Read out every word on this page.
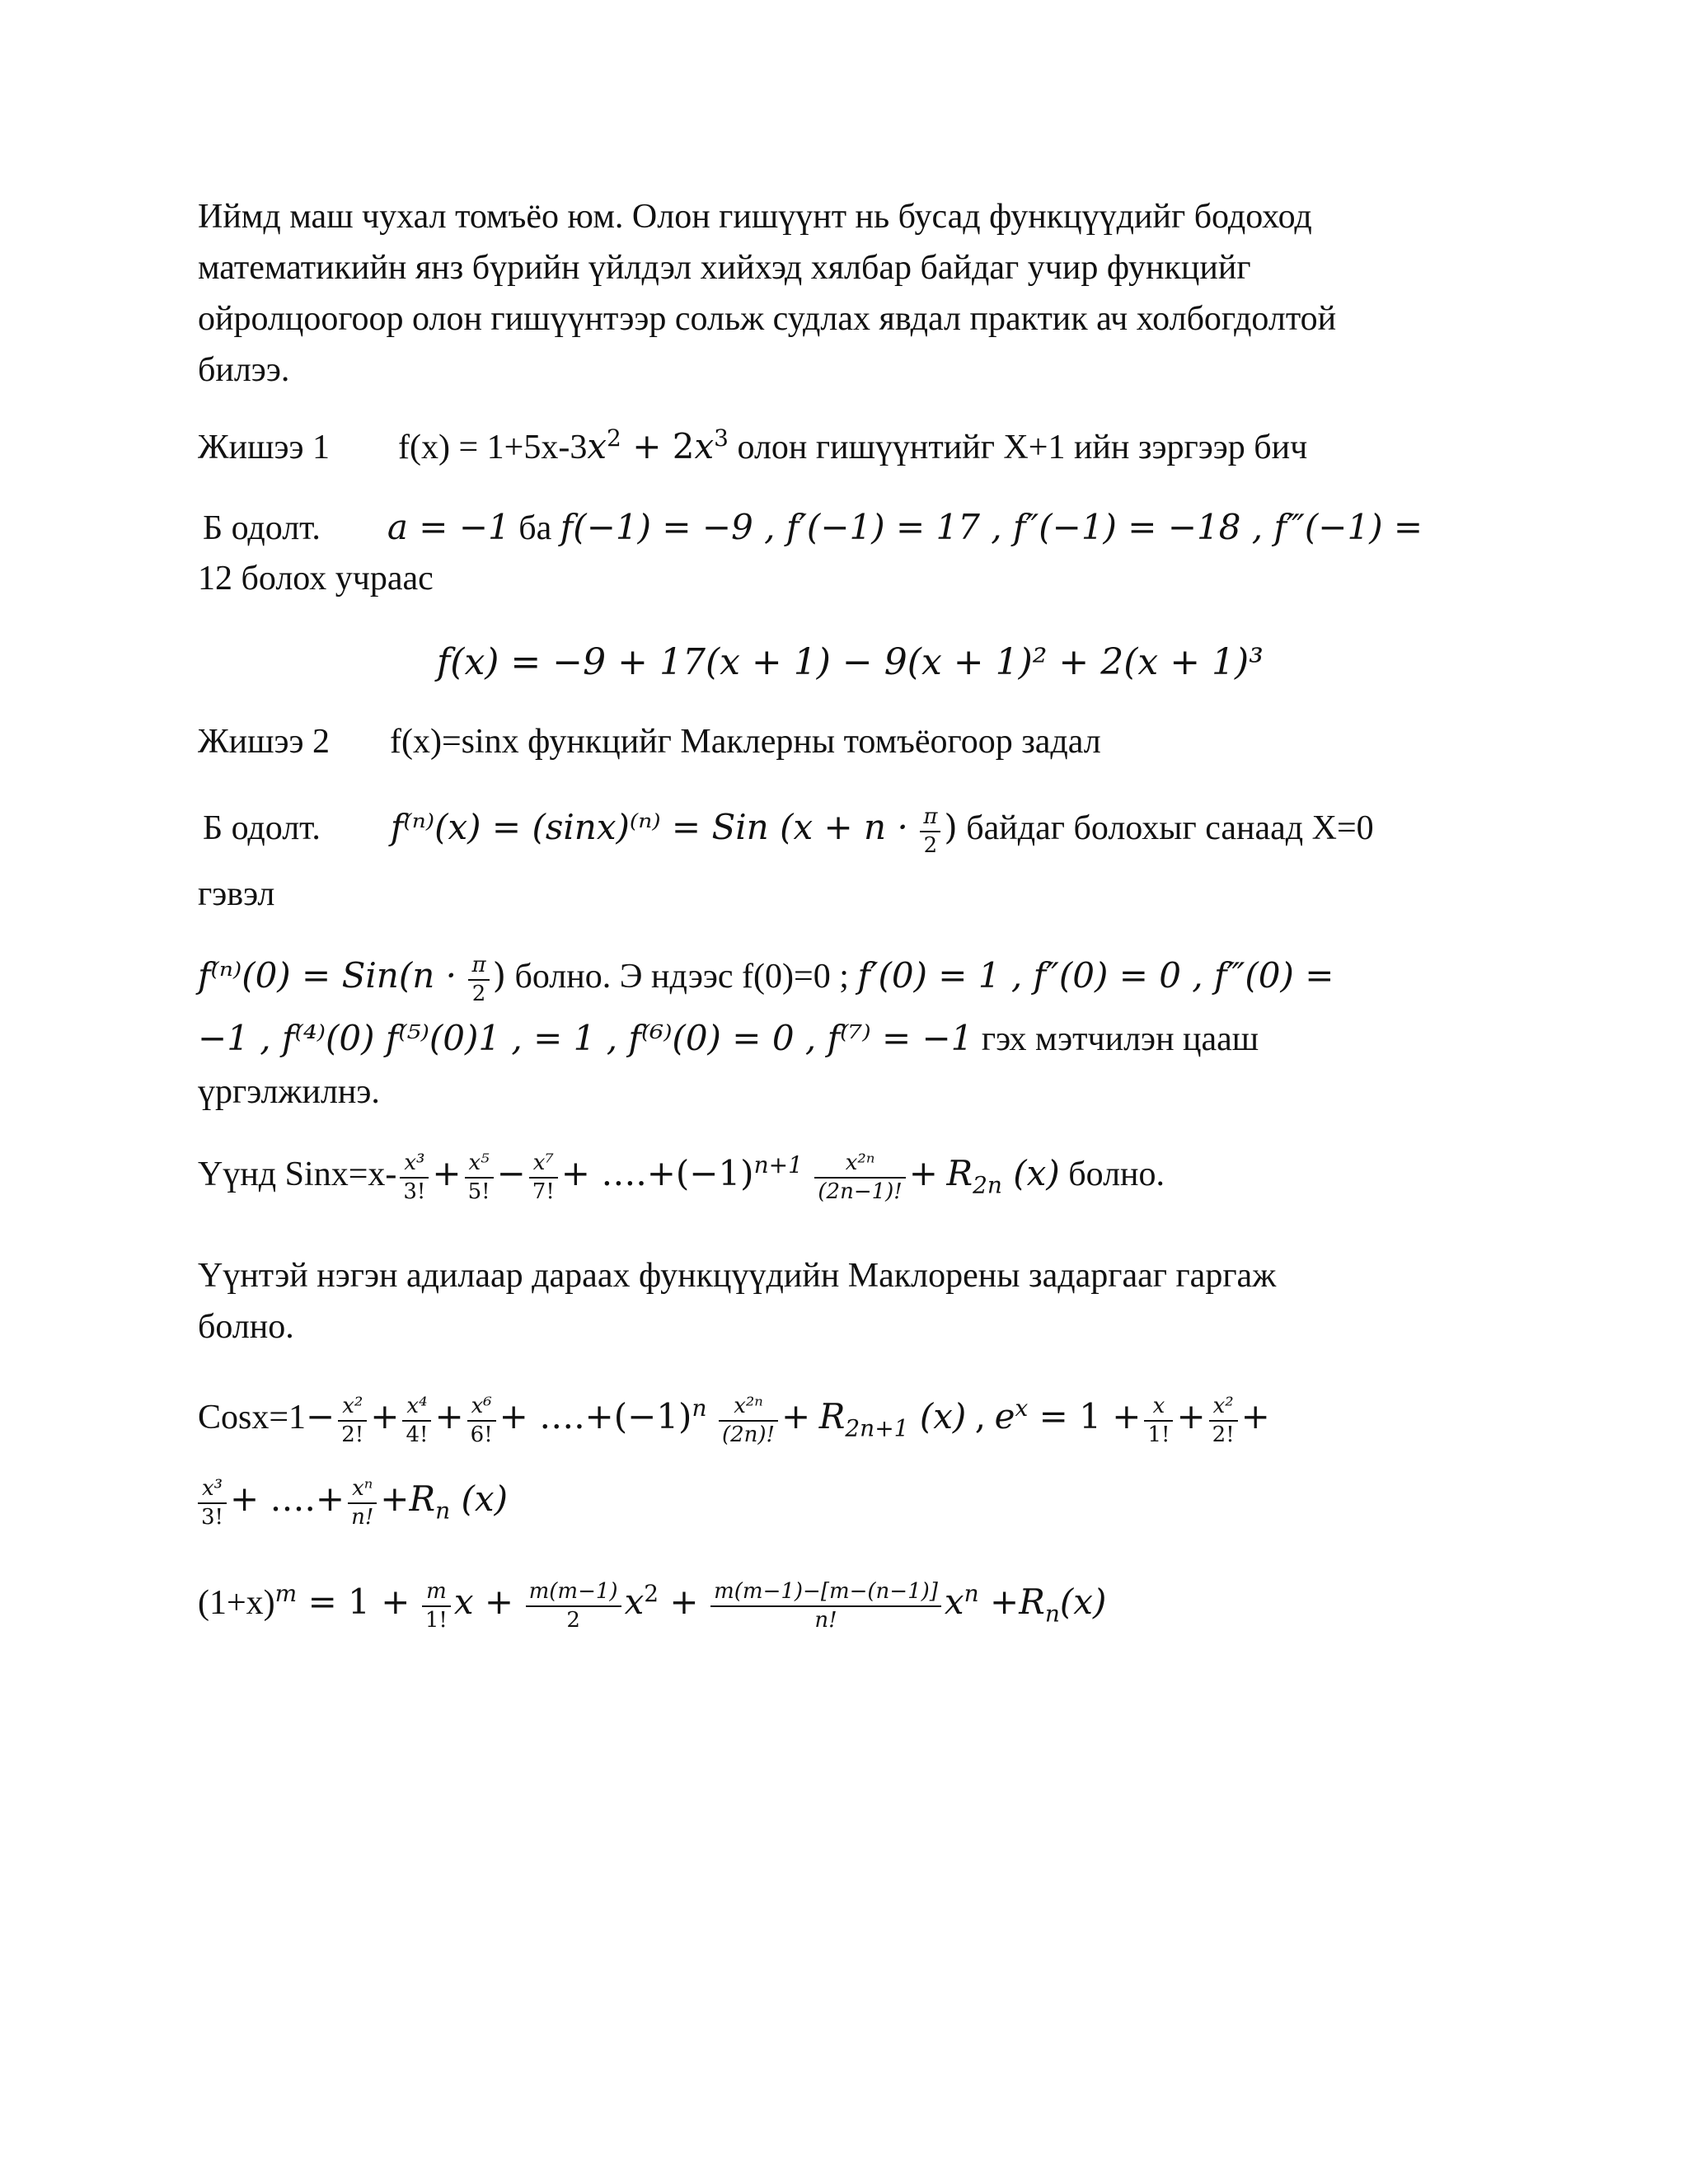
Иймд маш чухал томъёо юм. Олон гишүүнт нь бусад функцүүдийг бодоход
математикийн янз бүрийн үйлдэл хийхэд хялбар байдаг учир функцийг
ойролцоогоор олон гишүүнтээр сольж судлах явдал практик ач холбогдолтой
билээ.
Жишээ 1 $f(x) = 1+5x-3x^2 + 2x^3$ олон гишүүнтийг Х+1 ийн зэргээр бич
Б одолт. a = −1 ба f(−1) = −9 , f′(−1) = 17 , f″(−1) = −18 , f‴(−1) =
12 болох учраас
f(x) = −9 + 17(x + 1) − 9(x + 1)² + 2(x + 1)³
Жишээ 2 f(x)=sinx функцийг Маклерны томъёогоор задал
Б одолт. f⁽ⁿ⁾(x) = (sinx)⁽ⁿ⁾ = Sin ($x + n \cdot \frac{\pi}{2}$ ) байдаг болохыг санаад Х=0
гэвэл
$f^{(n)}(0) = Sin(n \cdot \frac{\pi}{2}$ ) болно. Э ндээс f(0)=0 ; f′(0) = 1 , f″(0) = 0 , f‴(0) =
−1 , f⁽⁴⁾(0) f⁽⁵⁾(0)1 , = 1 , f⁽⁶⁾(0) = 0 , f⁽⁷⁾ = −1 гэх мэтчилэн цааш
үргэлжилнэ.
Үүнд Sinx=x- $\frac{\text{x³}}{3!} + \frac{\text{x⁵}}{5!} - \frac{\text{x⁷}}{7!}$ + $\dots.+(-1)^{n+1} \frac{\text{x²ⁿ}}{(2n-1)!} + R_{2n}$ (x) болно.
Үүнтэй нэгэн адилаар дараах функцүүдийн Маклорены задаргааг гаргаж
болно.
Cosx=1− $\frac{\text{x²}}{2!} + \frac{\text{x⁴}}{4!} + \frac{\text{x⁶}}{6!}$ + $\dots.+(-1)^n \frac{\text{x²ⁿ}}{(2n)!} + R_{2n+1}$ (x) , $e^x = 1 + \frac{x}{1!} + \frac{\text{x²}}{2!}$ +
$\frac{\text{x³}}{3!}$ + ….+ $\frac{\text{xⁿ}}{n!} +R_n$ (x)
$(1+x)^m = 1 + \frac{m}{1!}$ $x + \frac{m(m-1)}{2} x^2 + \frac{m(m-1)-[m-(n-1)]}{n!} x^n +R_n(x)$
